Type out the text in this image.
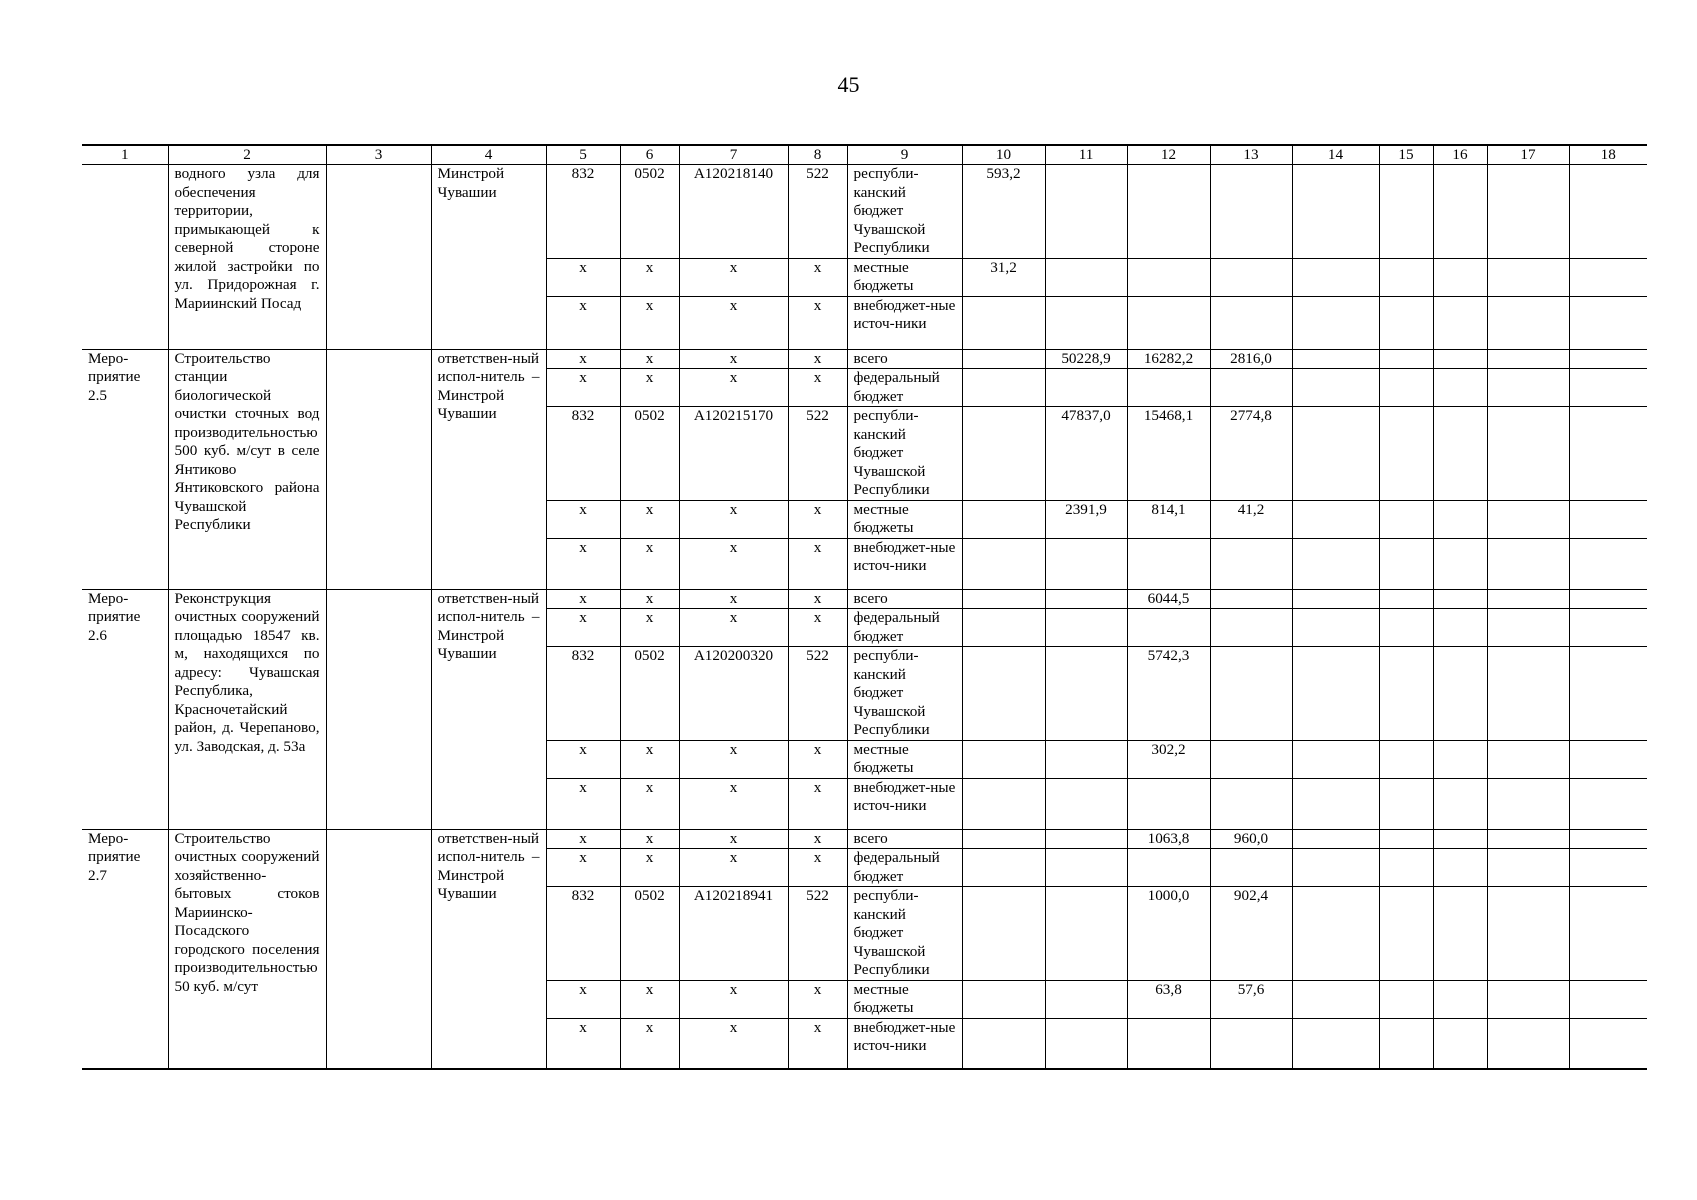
45
1	2	3	4	5	6	7	8	9	10	11	12	13	14	15	16	17	18
	водного узла для обеспечения территории, примыкающей к северной стороне жилой застройки по ул. Придорожная г. Мариинский Посад		Минстрой Чувашии	832	0502	А120218140	522	республи-канский бюджет Чувашской Республики	593,2								
				х	х	х	х	местные бюджеты	31,2								
				х	х	х	х	внебюджет-ные источ-ники									
Меро-приятие 2.5	Строительство станции биологической очистки сточных вод производительностью 500 куб. м/сут в селе Янтиково Янтиковского района Чувашской Республики		ответствен-ный испол-нитель – Минстрой Чувашии	х	х	х	х	всего		50228,9	16282,2	2816,0					
				х	х	х	х	федеральный бюджет									
				832	0502	А120215170	522	республи-канский бюджет Чувашской Республики		47837,0	15468,1	2774,8					
				х	х	х	х	местные бюджеты		2391,9	814,1	41,2					
				х	х	х	х	внебюджет-ные источ-ники									
Меро-приятие 2.6	Реконструкция очистных сооружений площадью 18547 кв. м, находящихся по адресу: Чувашская Республика, Красночетайский район, д. Черепаново, ул. Заводская, д. 53а		ответствен-ный испол-нитель – Минстрой Чувашии	х	х	х	х	всего			6044,5						
				х	х	х	х	федеральный бюджет									
				832	0502	А120200320	522	республи-канский бюджет Чувашской Республики			5742,3						
				х	х	х	х	местные бюджеты			302,2						
				х	х	х	х	внебюджет-ные источ-ники									
Меро-приятие 2.7	Строительство очистных сооружений хозяйственно-бытовых стоков Мариинско-Посадского городского поселения производительностью 50 куб. м/сут		ответствен-ный испол-нитель – Минстрой Чувашии	х	х	х	х	всего			1063,8	960,0					
				х	х	х	х	федеральный бюджет									
				832	0502	А120218941	522	республи-канский бюджет Чувашской Республики			1000,0	902,4					
				х	х	х	х	местные бюджеты			63,8	57,6					
				х	х	х	х	внебюджет-ные источ-ники									
